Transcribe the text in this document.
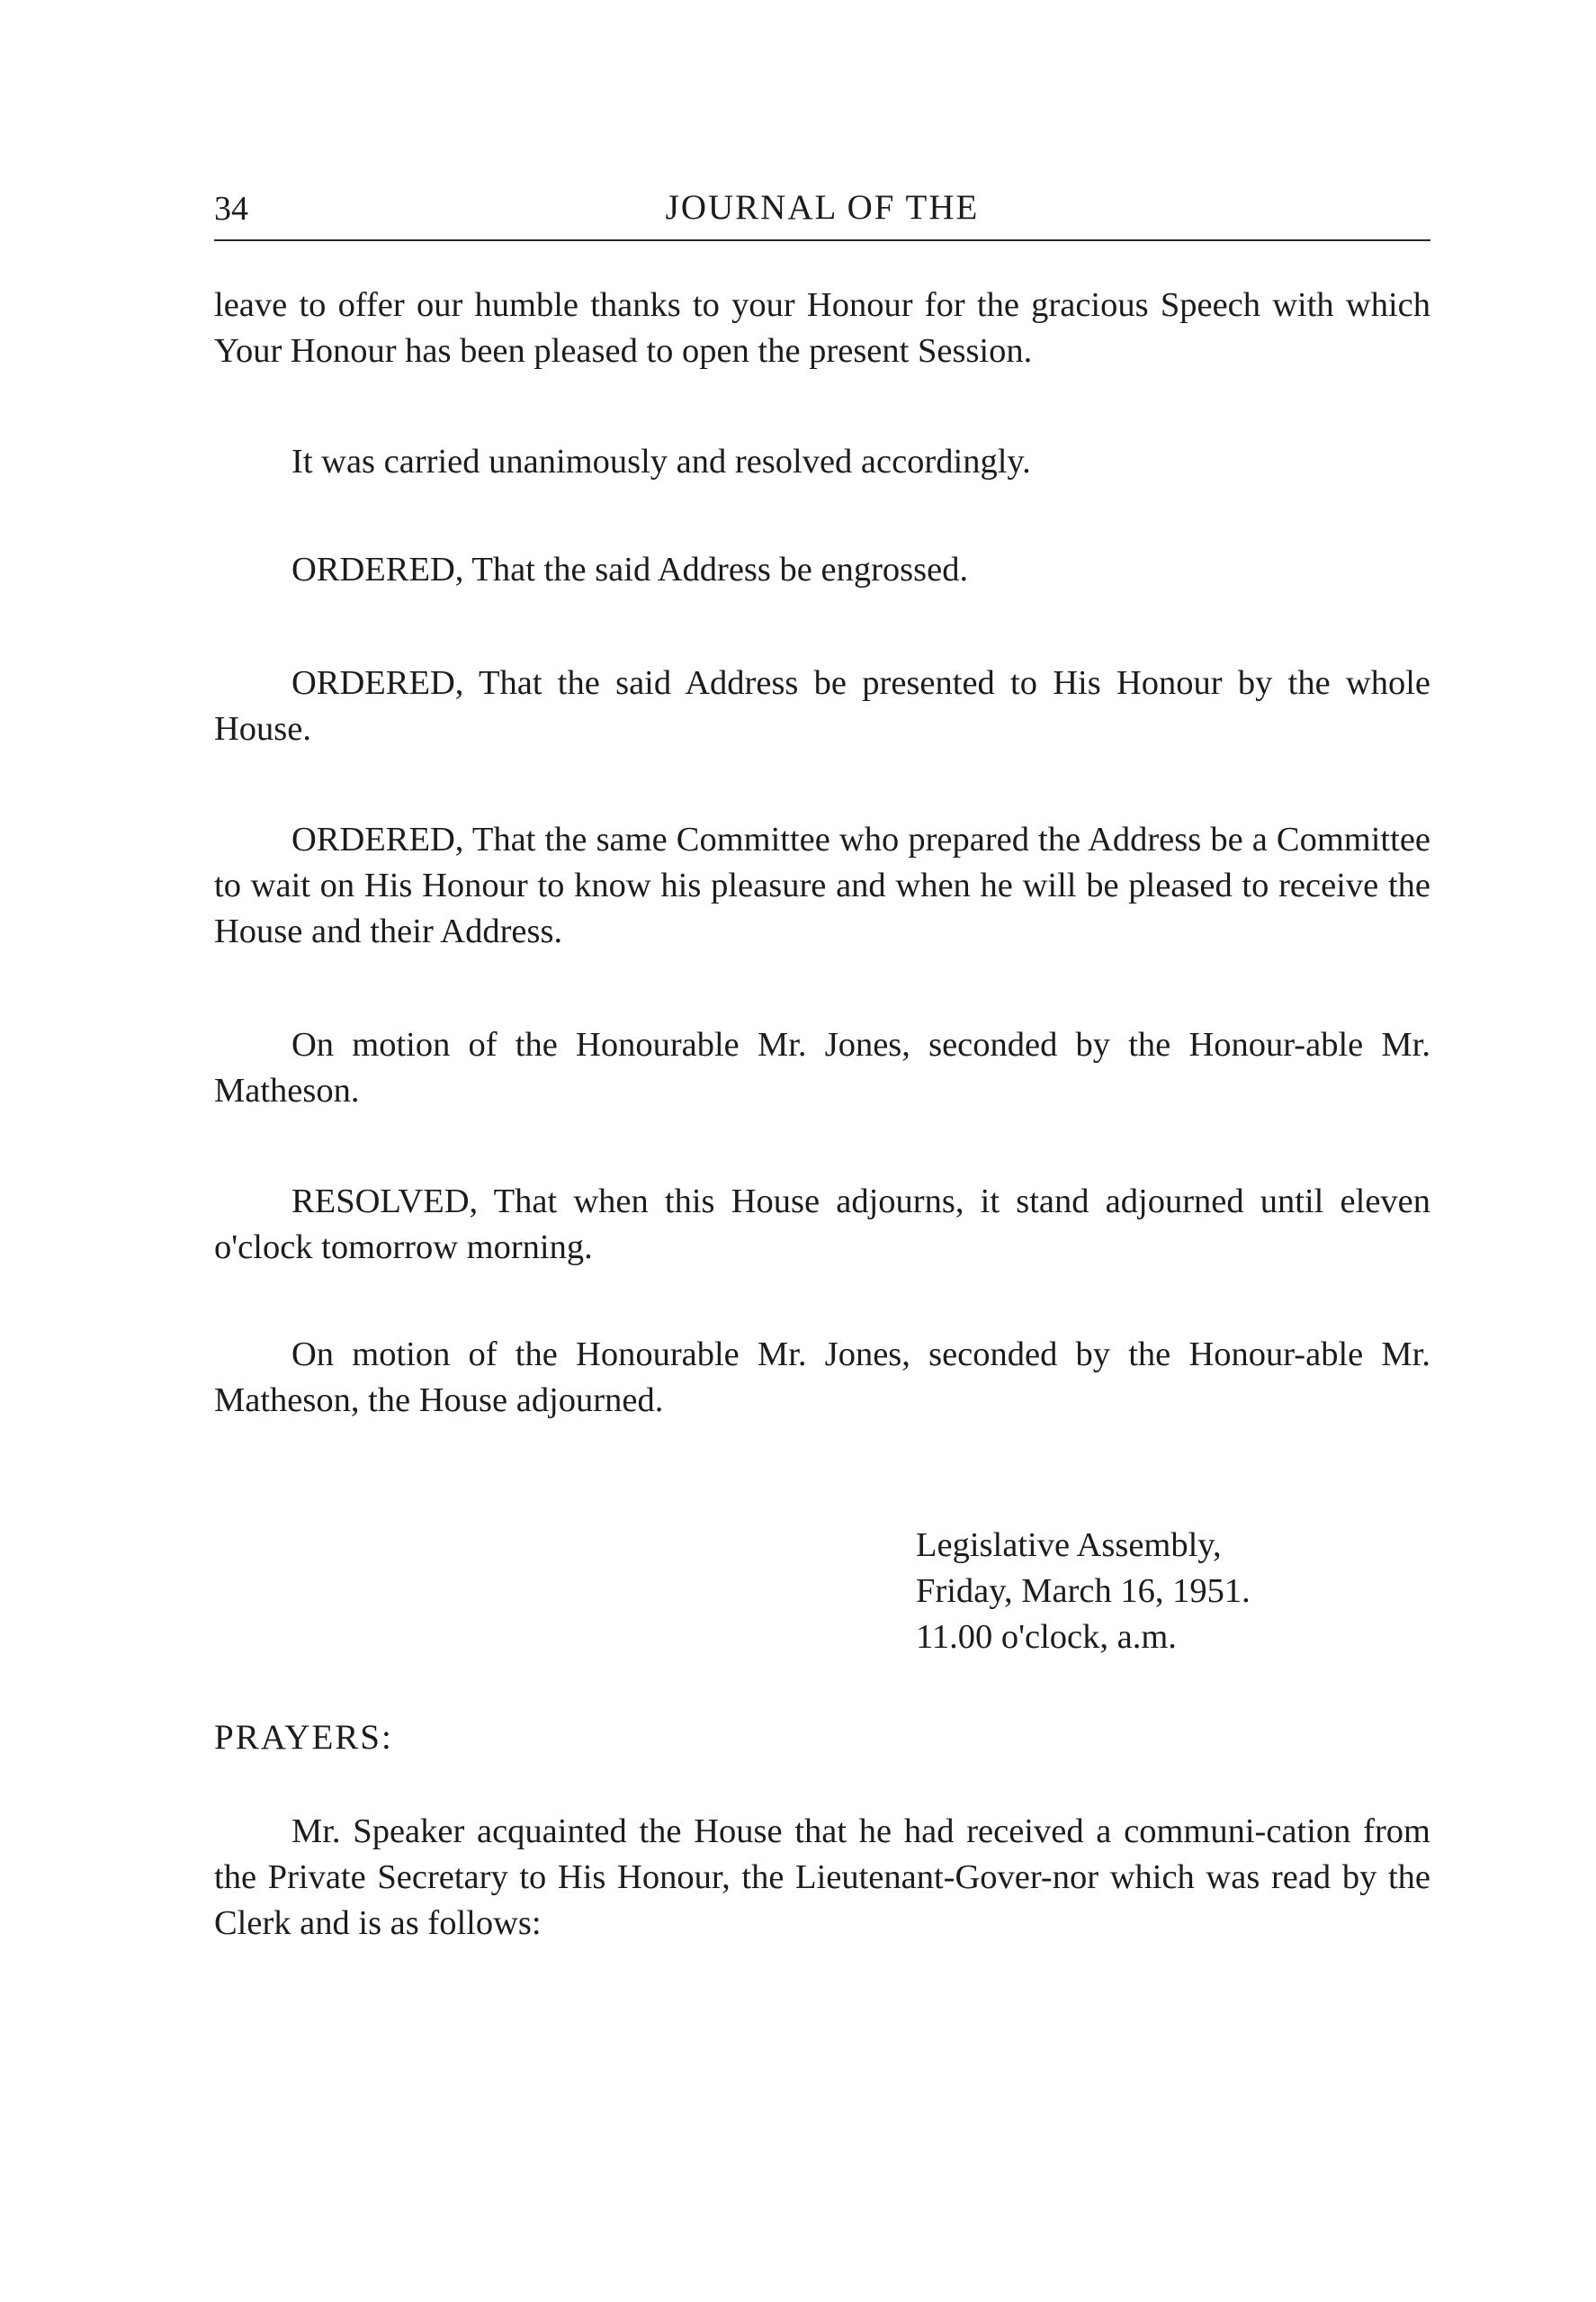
34	JOURNAL OF THE

leave to offer our humble thanks to your Honour for the gracious Speech with which Your Honour has been pleased to open the present Session.

It was carried unanimously and resolved accordingly.

ORDERED, That the said Address be engrossed.

ORDERED, That the said Address be presented to His Honour by the whole House.

ORDERED, That the same Committee who prepared the Address be a Committee to wait on His Honour to know his pleasure and when he will be pleased to receive the House and their Address.

On motion of the Honourable Mr. Jones, seconded by the Honour-able Mr. Matheson.

RESOLVED, That when this House adjourns, it stand adjourned until eleven o'clock tomorrow morning.

On motion of the Honourable Mr. Jones, seconded by the Honour-able Mr. Matheson, the House adjourned.

Legislative Assembly,
Friday, March 16, 1951.
11.00 o'clock, a.m.

PRAYERS:

Mr. Speaker acquainted the House that he had received a communi-cation from the Private Secretary to His Honour, the Lieutenant-Gover-nor which was read by the Clerk and is as follows:
